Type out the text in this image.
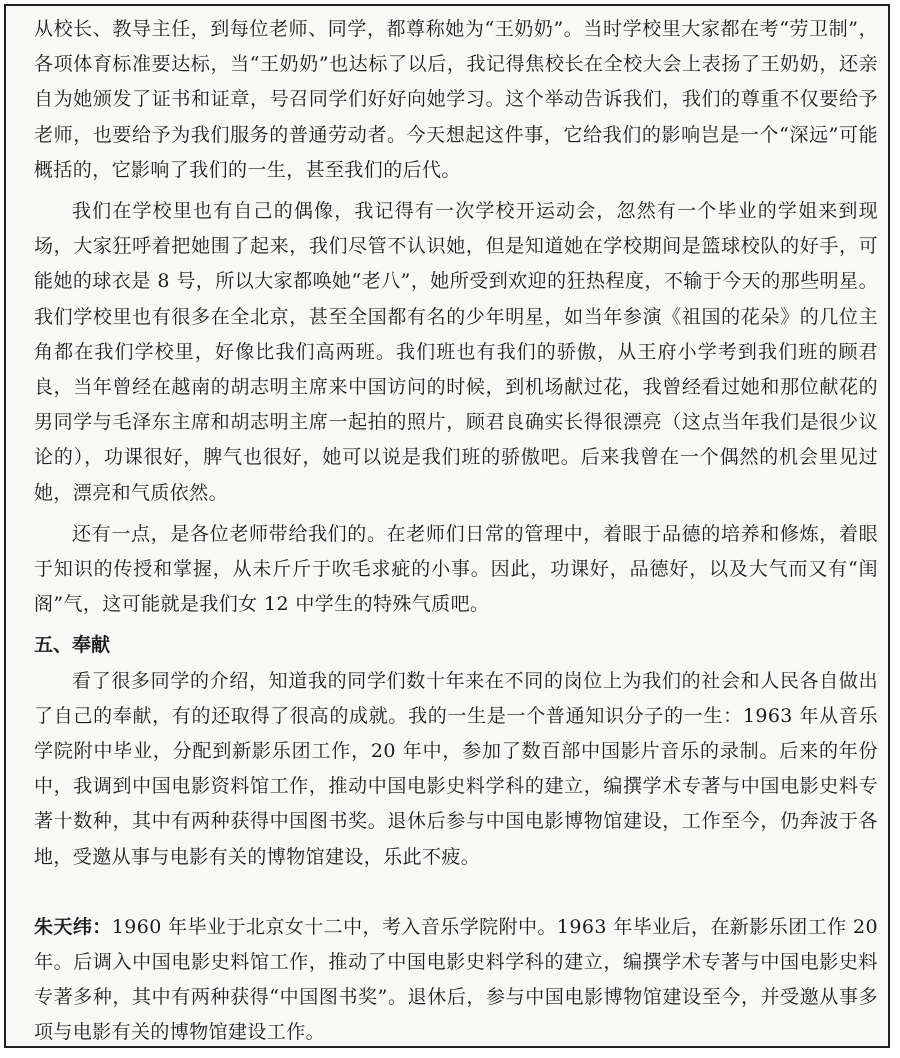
从校长、教导主任，到每位老师、同学，都尊称她为“王奶奶”。当时学校里大家都在考“劳卫制”，各项体育标准要达标，当“王奶奶”也达标了以后，我记得焦校长在全校大会上表扬了王奶奶，还亲自为她颁发了证书和证章，号召同学们好好向她学习。这个举动告诉我们，我们的尊重不仅要给予老师，也要给予为我们服务的普通劳动者。今天想起这件事，它给我们的影响岂是一个“深远”可能概括的，它影响了我们的一生，甚至我们的后代。

我们在学校里也有自己的偶像，我记得有一次学校开运动会，忽然有一个毕业的学姐来到现场，大家狂呼着把她围了起来，我们尽管不认识她，但是知道她在学校期间是篮球校队的好手，可能她的球衣是 8 号，所以大家都唤她“老八”，她所受到欢迎的狂热程度，不输于今天的那些明星。我们学校里也有很多在全北京，甚至全国都有名的少年明星，如当年参演《祖国的花朵》的几位主角都在我们学校里，好像比我们高两班。我们班也有我们的骄傲，从王府小学考到我们班的顾君良，当年曾经在越南的胡志明主席来中国访问的时候，到机场献过花，我曾经看过她和那位献花的男同学与毛泽东主席和胡志明主席一起拍的照片，顾君良确实长得很漂亮（这点当年我们是很少议论的），功课很好，脾气也很好，她可以说是我们班的骄傲吧。后来我曾在一个偶然的机会里见过她，漂亮和气质依然。

还有一点，是各位老师带给我们的。在老师们日常的管理中，着眼于品德的培养和修炼，着眼于知识的传授和掌握，从未斤斤于吹毛求疵的小事。因此，功课好，品德好，以及大气而又有“闺阁”气，这可能就是我们女 12 中学生的特殊气质吧。

五、奉献

看了很多同学的介绍，知道我的同学们数十年来在不同的岗位上为我们的社会和人民各自做出了自己的奉献，有的还取得了很高的成就。我的一生是一个普通知识分子的一生：1963 年从音乐学院附中毕业，分配到新影乐团工作，20 年中，参加了数百部中国影片音乐的录制。后来的年份中，我调到中国电影资料馆工作，推动中国电影史料学科的建立，编撰学术专著与中国电影史料专著十数种，其中有两种获得中国图书奖。退休后参与中国电影博物馆建设，工作至今，仍奔波于各地，受邀从事与电影有关的博物馆建设，乐此不疲。

朱天纬：1960 年毕业于北京女十二中，考入音乐学院附中。1963 年毕业后，在新影乐团工作 20 年。后调入中国电影史料馆工作，推动了中国电影史料学科的建立，编撰学术专著与中国电影史料专著多种，其中有两种获得“中国图书奖”。退休后，参与中国电影博物馆建设至今，并受邀从事多项与电影有关的博物馆建设工作。
